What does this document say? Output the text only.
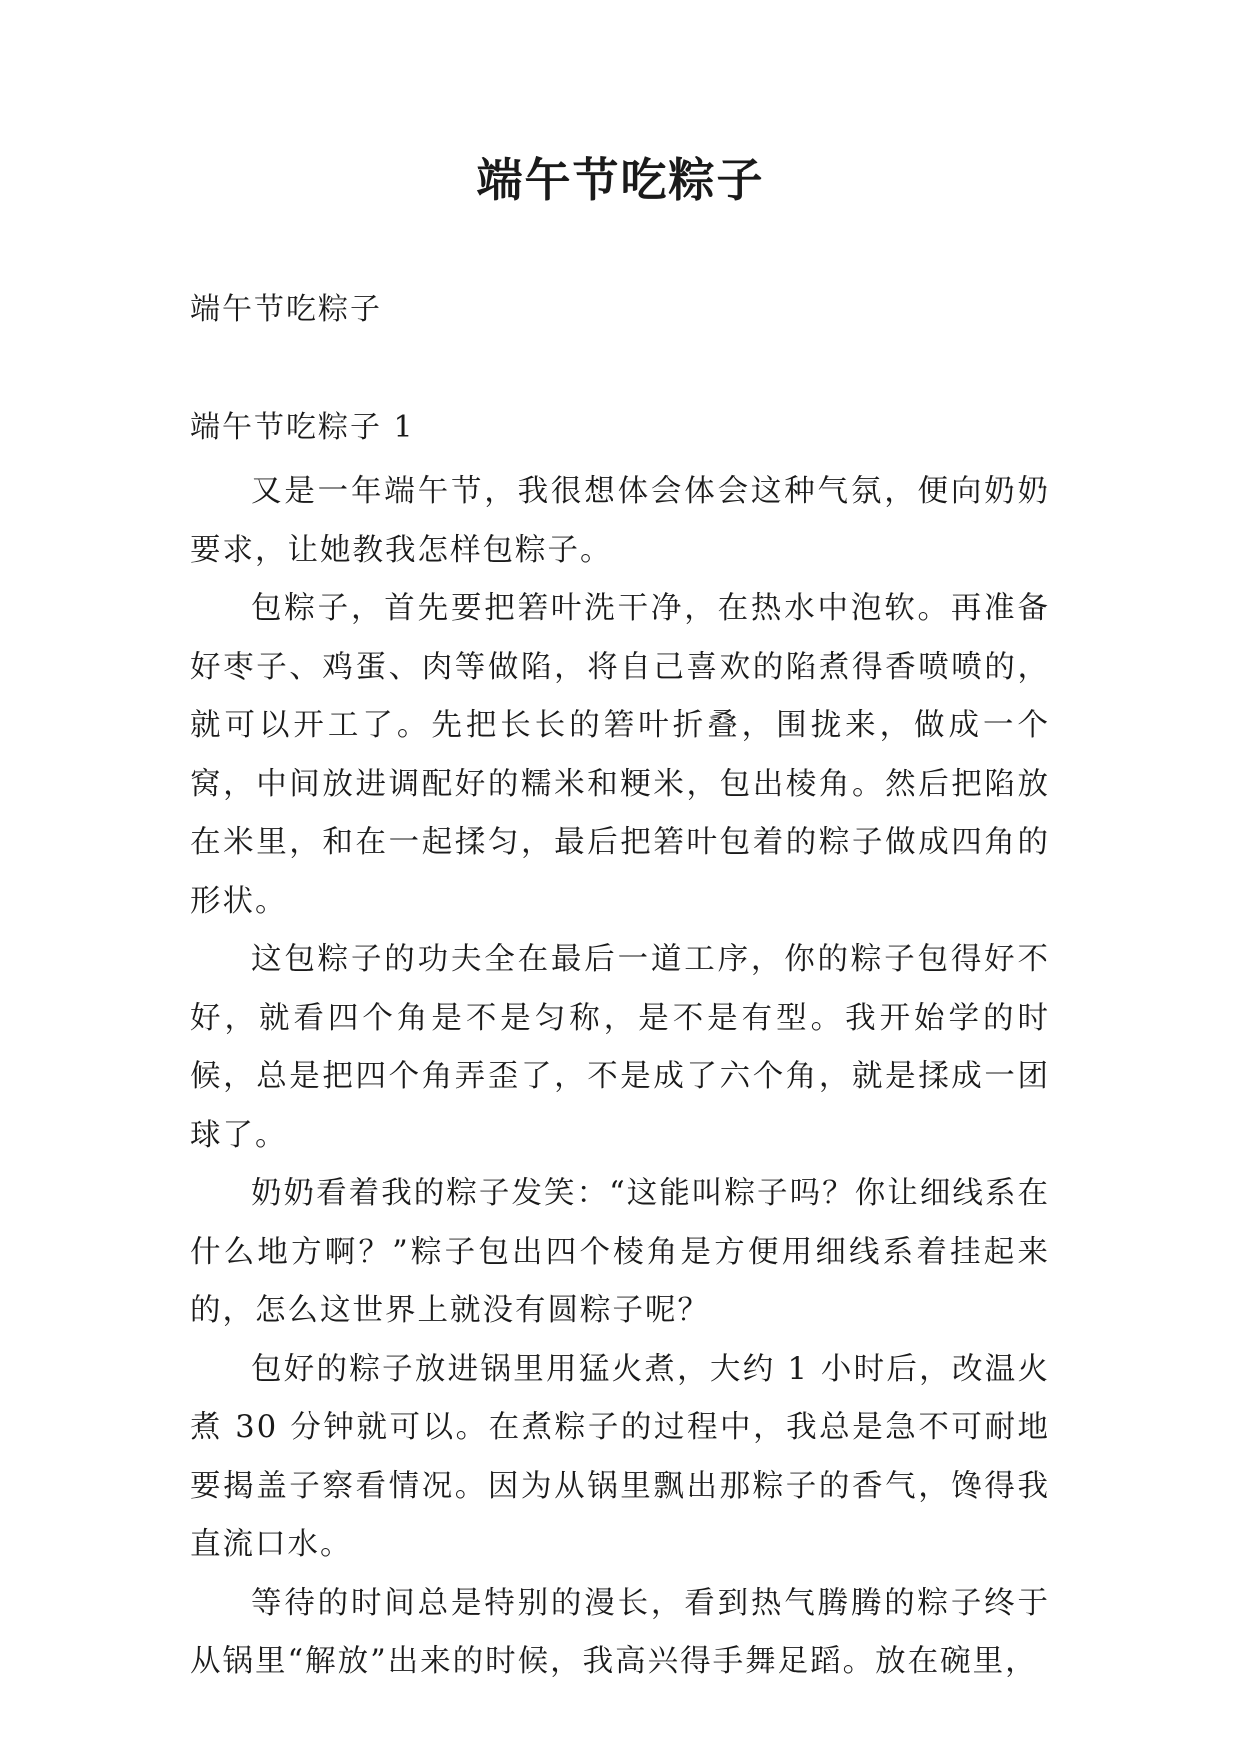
端午节吃粽子

端午节吃粽子

端午节吃粽子 1

又是一年端午节，我很想体会体会这种气氛，便向奶奶要求，让她教我怎样包粽子。

包粽子，首先要把箬叶洗干净，在热水中泡软。再准备好枣子、鸡蛋、肉等做陷，将自己喜欢的陷煮得香喷喷的，就可以开工了。先把长长的箬叶折叠，围拢来，做成一个窝，中间放进调配好的糯米和粳米，包出棱角。然后把陷放在米里，和在一起揉匀，最后把箬叶包着的粽子做成四角的形状。

这包粽子的功夫全在最后一道工序，你的粽子包得好不好，就看四个角是不是匀称，是不是有型。我开始学的时候，总是把四个角弄歪了，不是成了六个角，就是揉成一团球了。

奶奶看着我的粽子发笑：“这能叫粽子吗？你让细线系在什么地方啊？”粽子包出四个棱角是方便用细线系着挂起来的，怎么这世界上就没有圆粽子呢？

包好的粽子放进锅里用猛火煮，大约 1 小时后，改温火煮 30 分钟就可以。在煮粽子的过程中，我总是急不可耐地要揭盖子察看情况。因为从锅里飘出那粽子的香气，馋得我直流口水。

等待的时间总是特别的漫长，看到热气腾腾的粽子终于从锅里“解放”出来的时候，我高兴得手舞足蹈。放在碗里，
